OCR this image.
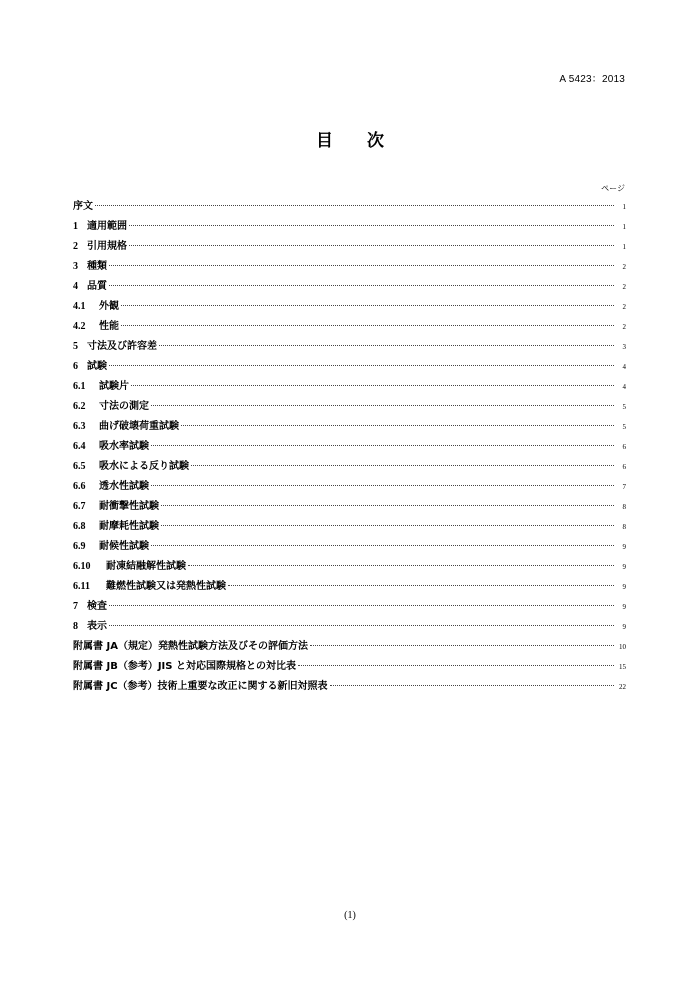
A 5423：2013
目 次
ページ
序文	1
1 適用範囲	1
2 引用規格	1
3 種類	2
4 品質	2
4.1	外観	2
4.2	性能	2
5 寸法及び許容差	3
6 試験	4
6.1	試験片	4
6.2	寸法の測定	5
6.3	曲げ破壊荷重試験	5
6.4	吸水率試験	6
6.5	吸水による反り試験	6
6.6	透水性試験	7
6.7	耐衝撃性試験	8
6.8	耐摩耗性試験	8
6.9	耐候性試験	9
6.10	耐凍結融解性試験	9
6.11	難燃性試験又は発熱性試験	9
7 検査	9
8 表示	9
附属書 JA（規定）発熱性試験方法及びその評価方法	10
附属書 JB（参考）JIS と対応国際規格との対比表	15
附属書 JC（参考）技術上重要な改正に関する新旧対照表	22
(1)
